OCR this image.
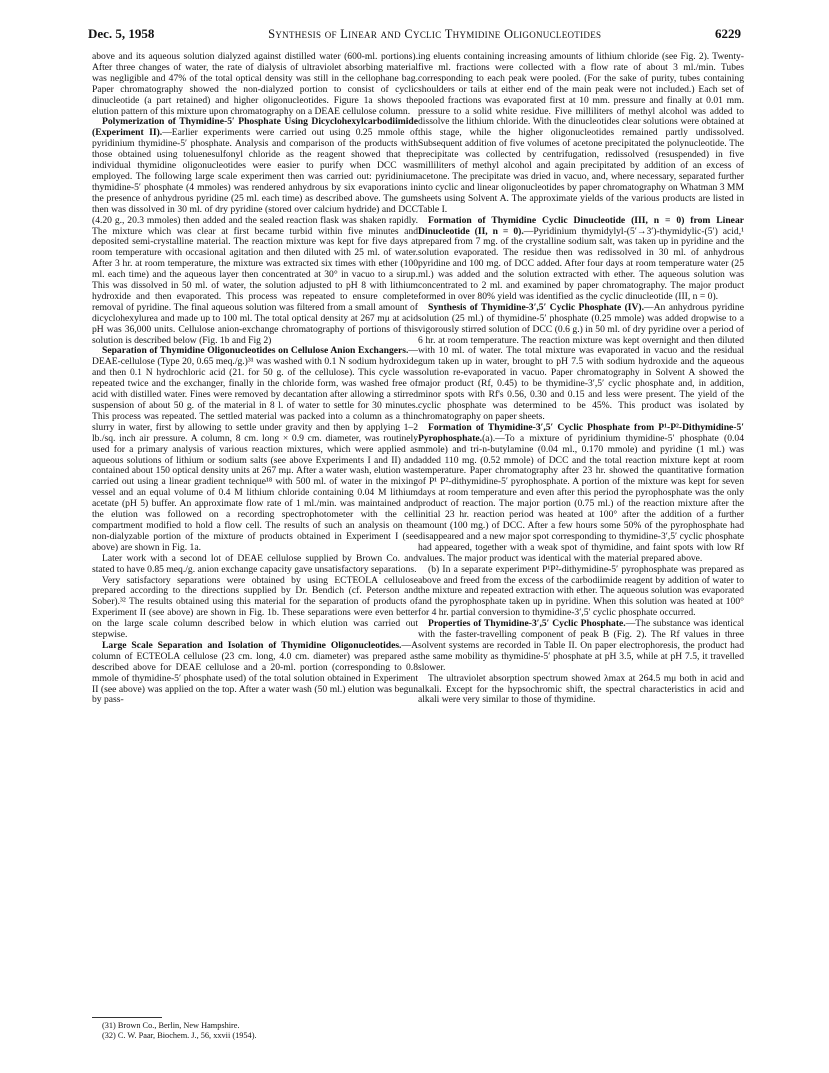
Dec. 5, 1958	Synthesis of Linear and Cyclic Thymidine Oligonucleotides	6229

above and its aqueous solution dialyzed against distilled water (600-ml. portions). After three changes of water, the rate of dialysis of ultraviolet absorbing material was negligible and 47% of the total optical density was still in the cellophane bag. Paper chromatography showed the non-dialyzed portion to consist of cyclic dinucleotide (a part retained) and higher oligonucleotides. Figure 1a shows the elution pattern of this mixture upon chromatography on a DEAE cellulose column.

Polymerization of Thymidine-5′ Phosphate Using Dicyclohexylcarbodiimide (Experiment II).—Earlier experiments were carried out using 0.25 mmole of pyridinium thymidine-5′ phosphate. Analysis and comparison of the products with those obtained using toluenesulfonyl chloride as the reagent showed that the individual thymidine oligonucleotides were easier to purify when DCC was employed. The following large scale experiment then was carried out: pyridinium thymidine-5′ phosphate (4 mmoles) was rendered anhydrous by six evaporations in the presence of anhydrous pyridine (25 ml. each time) as described above. The gum then was dissolved in 30 ml. of dry pyridine (stored over calcium hydride) and DCC (4.20 g., 20.3 mmoles) then added and the sealed reaction flask was shaken rapidly. The mixture which was clear at first became turbid within five minutes and deposited semi-crystalline material. The reaction mixture was kept for five days at room temperature with occasional agitation and then diluted with 25 ml. of water. After 3 hr. at room temperature, the mixture was extracted six times with ether (100 ml. each time) and the aqueous layer then concentrated at 30° in vacuo to a sirup. This was dissolved in 50 ml. of water, the solution adjusted to pH 8 with lithium hydroxide and then evaporated. This process was repeated to ensure complete removal of pyridine. The final aqueous solution was filtered from a small amount of dicyclohexylurea and made up to 100 ml. The total optical density at 267 mμ at acid pH was 36,000 units. Cellulose anion-exchange chromatography of portions of this solution is described below (Fig. 1b and Fig 2)

Separation of Thymidine Oligonucleotides on Cellulose Anion Exchangers.—DEAE-cellulose (Type 20, 0.65 meq./g.)³¹ was washed with 0.1 N sodium hydroxide and then 0.1 N hydrochloric acid (21. for 50 g. of the cellulose). This cycle was repeated twice and the exchanger, finally in the chloride form, was washed free of acid with distilled water. Fines were removed by decantation after allowing a stirred suspension of about 50 g. of the material in 8 l. of water to settle for 30 minutes. This process was repeated. The settled material was packed into a column as a thin slurry in water, first by allowing to settle under gravity and then by applying 1–2 lb./sq. inch air pressure. A column, 8 cm. long × 0.9 cm. diameter, was routinely used for a primary analysis of various reaction mixtures, which were applied as aqueous solutions of lithium or sodium salts (see above Experiments I and II) and contained about 150 optical density units at 267 mμ. After a water wash, elution was carried out using a linear gradient technique¹⁸ with 500 ml. of water in the mixing vessel and an equal volume of 0.4 M lithium chloride containing 0.04 M lithium acetate (pH 5) buffer. An approximate flow rate of 1 ml./min. was maintained and the elution was followed on a recording spectrophotometer with the cell compartment modified to hold a flow cell. The results of such an analysis on the non-dialyzable portion of the mixture of products obtained in Experiment I (see above) are shown in Fig. 1a.

Later work with a second lot of DEAE cellulose supplied by Brown Co. and stated to have 0.85 meq./g. anion exchange capacity gave unsatisfactory separations.

Very satisfactory separations were obtained by using ECTEOLA cellulose prepared according to the directions supplied by Dr. Bendich (cf. Peterson and Sober).³² The results obtained using this material for the separation of products of Experiment II (see above) are shown in Fig. 1b. These separations were even better on the large scale column described below in which elution was carried out stepwise.

Large Scale Separation and Isolation of Thymidine Oligonucleotides.—A column of ECTEOLA cellulose (23 cm. long, 4.0 cm. diameter) was prepared as described above for DEAE cellulose and a 20-ml. portion (corresponding to 0.8 mmole of thymidine-5′ phosphate used) of the total solution obtained in Experiment II (see above) was applied on the top. After a water wash (50 ml.) elution was begun by pass-

ing eluents containing increasing amounts of lithium chloride (see Fig. 2). Twenty-five ml. fractions were collected with a flow rate of about 3 ml./min. Tubes corresponding to each peak were pooled. (For the sake of purity, tubes containing shoulders or tails at either end of the main peak were not included.) Each set of pooled fractions was evaporated first at 10 mm. pressure and finally at 0.01 mm. pressure to a solid white residue. Five milliliters of methyl alcohol was added to dissolve the lithium chloride. With the dinucleotides clear solutions were obtained at this stage, while the higher oligonucleotides remained partly undissolved. Subsequent addition of five volumes of acetone precipitated the polynucleotide. The precipitate was collected by centrifugation, redissolved (resuspended) in five milliliters of methyl alcohol and again precipitated by addition of an excess of acetone. The precipitate was dried in vacuo, and, where necessary, separated further into cyclic and linear oligonucleotides by paper chromatography on Whatman 3 MM sheets using Solvent A. The approximate yields of the various products are listed in Table I.

Formation of Thymidine Cyclic Dinucleotide (III, n = 0) from Linear Dinucleotide (II, n = 0).—Pyridinium thymidylyl-(5′→3′)-thymidylic-(5′) acid,¹ prepared from 7 mg. of the crystalline sodium salt, was taken up in pyridine and the solution evaporated. The residue then was redissolved in 30 ml. of anhydrous pyridine and 100 mg. of DCC added. After four days at room temperature water (25 ml.) was added and the solution extracted with ether. The aqueous solution was concentrated to 2 ml. and examined by paper chromatography. The major product formed in over 80% yield was identified as the cyclic dinucleotide (III, n = 0).

Synthesis of Thymidine-3′,5′ Cyclic Phosphate (IV).—An anhydrous pyridine solution (25 ml.) of thymidine-5′ phosphate (0.25 mmole) was added dropwise to a vigorously stirred solution of DCC (0.6 g.) in 50 ml. of dry pyridine over a period of 6 hr. at room temperature. The reaction mixture was kept overnight and then diluted with 10 ml. of water. The total mixture was evaporated in vacuo and the residual gum taken up in water, brought to pH 7.5 with sodium hydroxide and the aqueous solution re-evaporated in vacuo. Paper chromatography in Solvent A showed the major product (Rf, 0.45) to be thymidine-3′,5′ cyclic phosphate and, in addition, minor spots with Rf's 0.56, 0.30 and 0.15 and less were present. The yield of the cyclic phosphate was determined to be 45%. This product was isolated by chromatography on paper sheets.

Formation of Thymidine-3′,5′ Cyclic Phosphate from P¹-P²-Dithymidine-5′ Pyrophosphate.(a).—To a mixture of pyridinium thymidine-5′ phosphate (0.04 mmole) and tri-n-butylamine (0.04 ml., 0.170 mmole) and pyridine (1 ml.) was added 110 mg. (0.52 mmole) of DCC and the total reaction mixture kept at room temperature. Paper chromatography after 23 hr. showed the quantitative formation of P¹ P²-dithymidine-5′ pyrophosphate. A portion of the mixture was kept for seven days at room temperature and even after this period the pyrophosphate was the only product of reaction. The major portion (0.75 ml.) of the reaction mixture after the initial 23 hr. reaction period was heated at 100° after the addition of a further amount (100 mg.) of DCC. After a few hours some 50% of the pyrophosphate had disappeared and a new major spot corresponding to thymidine-3′,5′ cyclic phosphate had appeared, together with a weak spot of thymidine, and faint spots with low Rf values. The major product was identical with the material prepared above.

(b) In a separate experiment P¹P²-dithymidine-5′ pyrophosphate was prepared as above and freed from the excess of the carbodiimide reagent by addition of water to the mixture and repeated extraction with ether. The aqueous solution was evaporated and the pyrophosphate taken up in pyridine. When this solution was heated at 100° for 4 hr. partial conversion to thymidine-3′,5′ cyclic phosphate occurred.

Properties of Thymidine-3′,5′ Cyclic Phosphate.—The substance was identical with the faster-travelling component of peak B (Fig. 2). The Rf values in three solvent systems are recorded in Table II. On paper electrophoresis, the product had the same mobility as thymidine-5′ phosphate at pH 3.5, while at pH 7.5, it travelled slower.

The ultraviolet absorption spectrum showed λmax at 264.5 mμ both in acid and alkali. Except for the hypsochromic shift, the spectral characteristics in acid and alkali were very similar to those of thymidine.

(31) Brown Co., Berlin, New Hampshire.

(32) C. W. Paar, Biochem. J., 56, xxvii (1954).
